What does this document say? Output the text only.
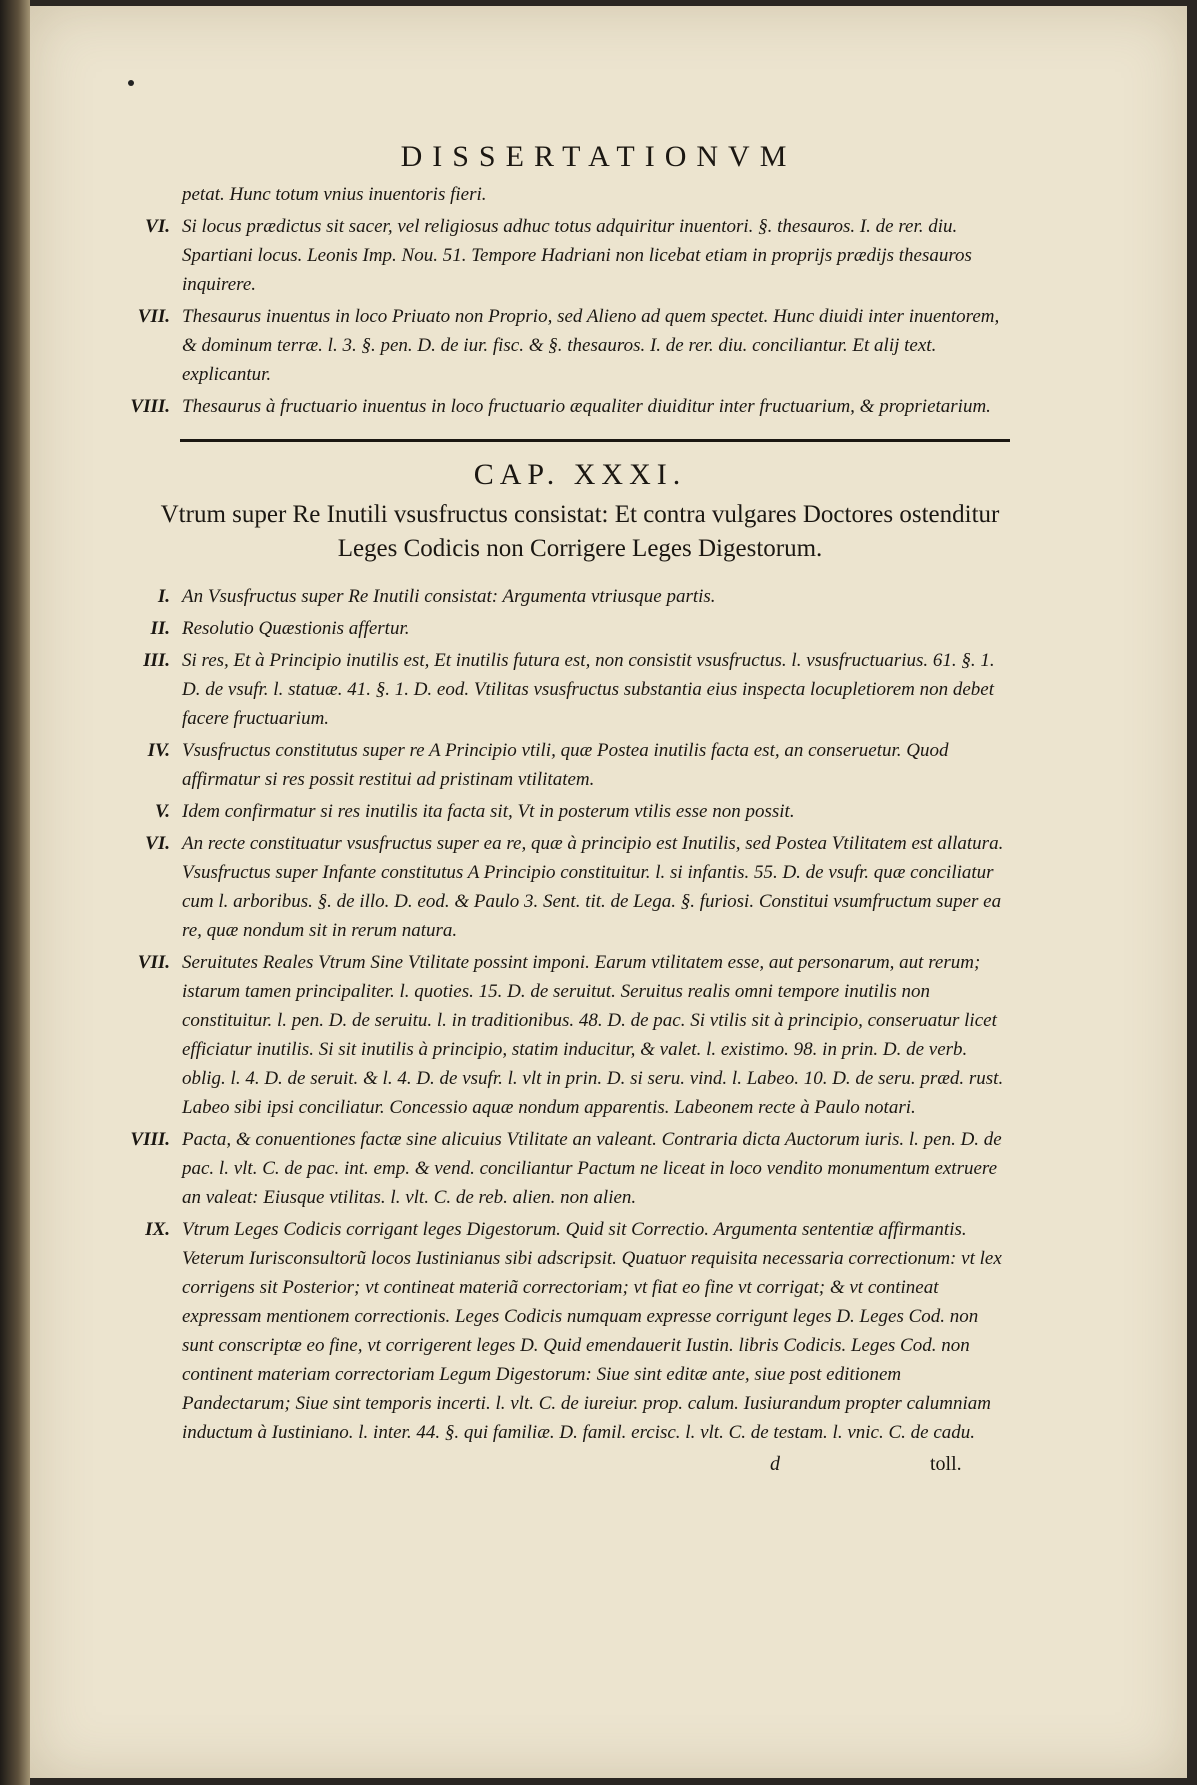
DISSERTATIONVM
petat. Hunc totum vnius inuentoris fieri.
VI. Si locus prædictus sit sacer, vel religiosus adhuc totus adquiritur inuentori. §. thesauros. I. de rer. diu. Spartiani locus. Leonis Imp. Nou. 51. Tempore Hadriani non licebat etiam in proprijs prædijs thesauros inquirere.
VII. Thesaurus inuentus in loco Priuato non Proprio, sed Alieno ad quem spectet. Hunc diuidi inter inuentorem, & dominum terræ. l. 3. §. pen. D. de iur. fisc. & §. thesauros. I. de rer. diu. conciliantur. Et alij text. explicantur.
VIII. Thesaurus à fructuario inuentus in loco fructuario æqualiter diuiditur inter fructuarium, & proprietarium.
CAP. XXXI.
Vtrum super Re Inutili vsusfructus consistat: Et contra vulgares Doctores ostenditur Leges Codicis non Corrigere Leges Digestorum.
I. An Vsusfructus super Re Inutili consistat: Argumenta vtriusque partis.
II. Resolutio Quæstionis affertur.
III. Si res, Et à Principio inutilis est, Et inutilis futura est, non consistit vsusfructus. l. vsusfructuarius. 61. §. 1. D. de vsufr. l. statuæ. 41. §. 1. D. eod. Vtilitas vsusfructus substantia eius inspecta locupletiorem non debet facere fructuarium.
IV. Vsusfructus constitutus super re A Principio vtili, quæ Postea inutilis facta est, an conseruetur. Quod affirmatur si res possit restitui ad pristinam vtilitatem.
V. Idem confirmatur si res inutilis ita facta sit, Vt in posterum vtilis esse non possit.
VI. An recte constituatur vsusfructus super ea re, quæ à principio est Inutilis, sed Postea Vtilitatem est allatura. Vsusfructus super Infante constitutus A Principio constituitur. l. si infantis. 55. D. de vsufr. quæ conciliatur cum l. arboribus. §. de illo. D. eod. & Paulo 3. Sent. tit. de Lega. §. furiosi. Constitui vsumfructum super ea re, quæ nondum sit in rerum natura.
VII. Seruitutes Reales Vtrum Sine Vtilitate possint imponi. Earum vtilitatem esse, aut personarum, aut rerum; istarum tamen principaliter. l. quoties. 15. D. de seruitut. Seruitus realis omni tempore inutilis non constituitur. l. pen. D. de seruitu. l. in traditionibus. 48. D. de pac. Si vtilis sit à principio, conseruatur licet efficiatur inutilis. Si sit inutilis à principio, statim inducitur, & valet. l. existimo. 98. in prin. D. de verb. oblig. l. 4. D. de seruit. & l. 4. D. de vsufr. l. vlt in prin. D. si seru. vind. l. Labeo. 10. D. de seru. præd. rust. Labeo sibi ipsi conciliatur. Concessio aquæ nondum apparentis. Labeonem recte à Paulo notari.
VIII. Pacta, & conuentiones factæ sine alicuius Vtilitate an valeant. Contraria dicta Auctorum iuris. l. pen. D. de pac. l. vlt. C. de pac. int. emp. & vend. conciliantur Pactum ne liceat in loco vendito monumentum extruere an valeat: Eiusque vtilitas. l. vlt. C. de reb. alien. non alien.
IX. Vtrum Leges Codicis corrigant leges Digestorum. Quid sit Correctio. Argumenta sententiæ affirmantis. Veterum Iurisconsultorũ locos Iustinianus sibi adscripsit. Quatuor requisita necessaria correctionum: vt lex corrigens sit Posterior; vt contineat materiã correctoriam; vt fiat eo fine vt corrigat; & vt contineat expressam mentionem correctionis. Leges Codicis numquam expresse corrigunt leges D. Leges Cod. non sunt conscriptæ eo fine, vt corrigerent leges D. Quid emendauerit Iustin. libris Codicis. Leges Cod. non continent materiam correctoriam Legum Digestorum: Siue sint editæ ante, siue post editionem Pandectarum; Siue sint temporis incerti. l. vlt. C. de iureiur. prop. calum. Iusiurandum propter calumniam inductum à Iustiniano. l. inter. 44. §. qui familiæ. D. famil. ercisc. l. vlt. C. de testam. l. vnic. C. de cadu.
d	toll.
